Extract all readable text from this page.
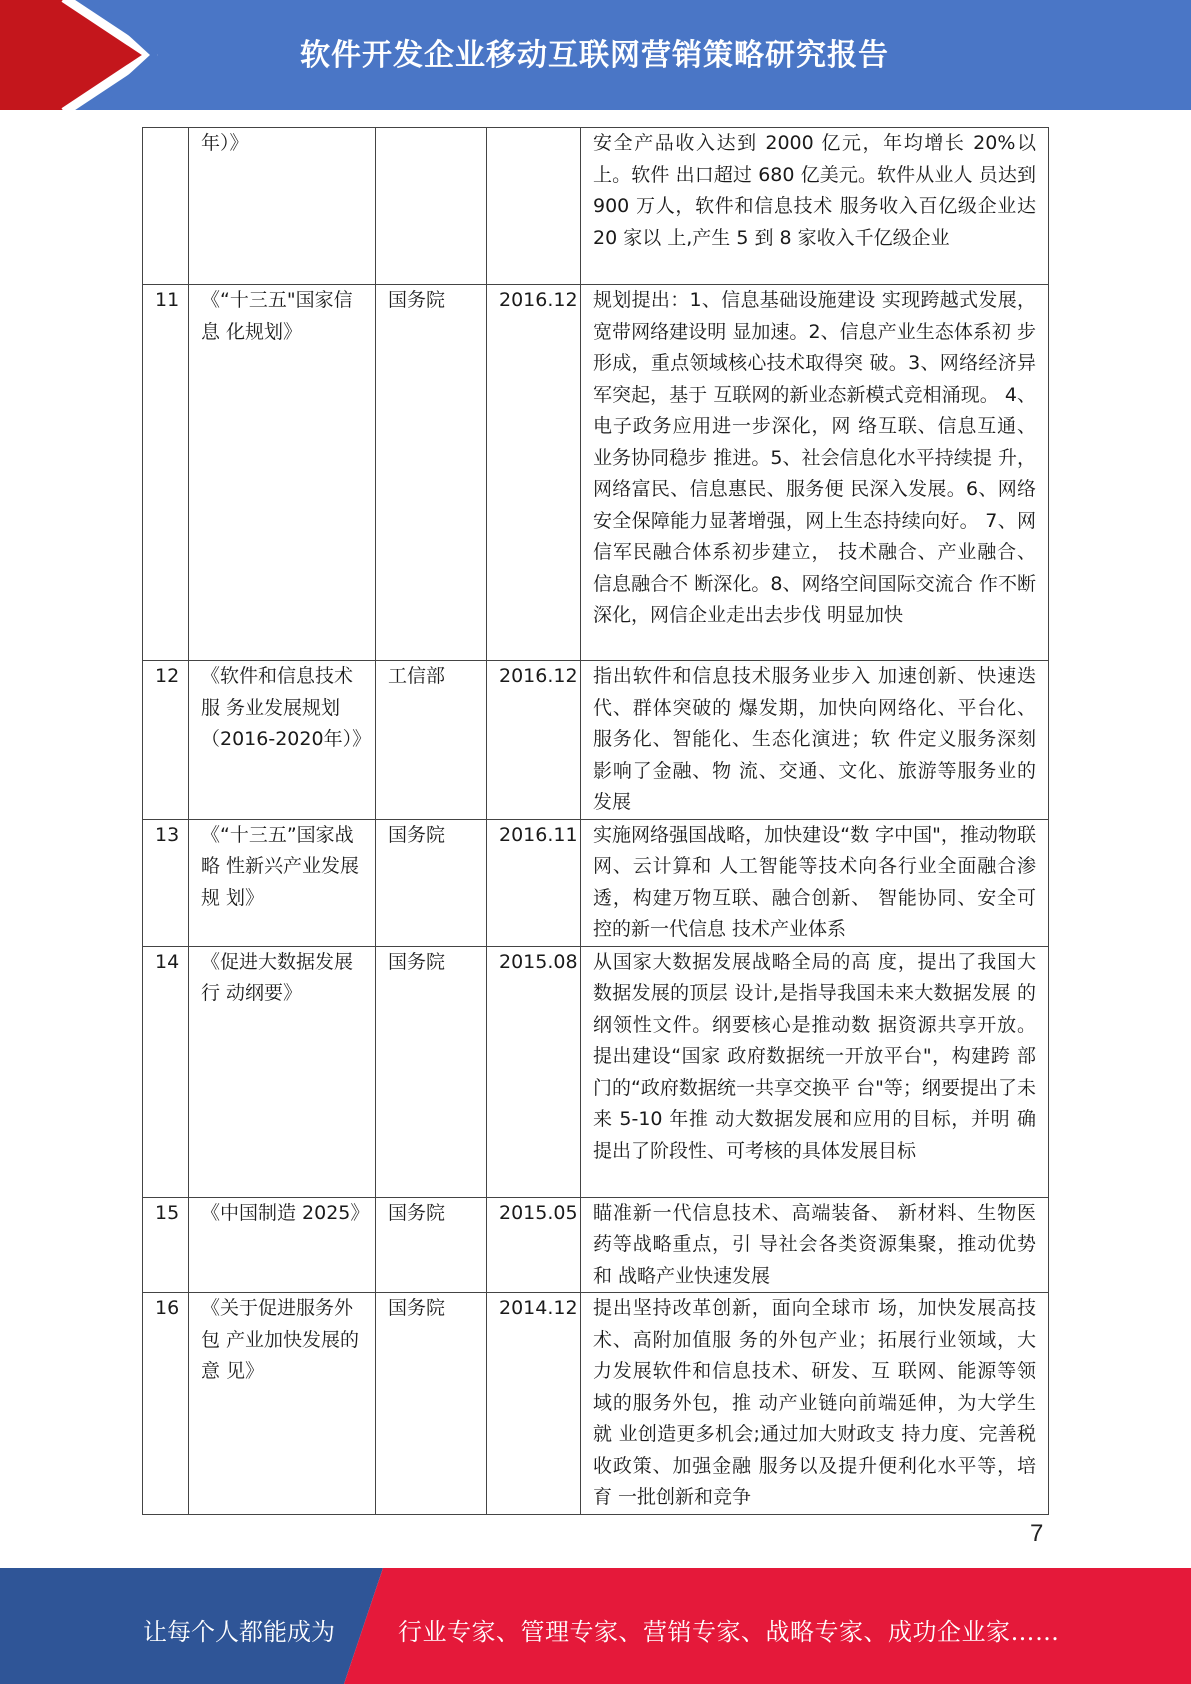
软件开发企业移动互联网营销策略研究报告
	年）》			安全产品收入达到 2000 亿元，年均增长 20%以上。软件 出口超过 680 亿美元。软件从业人 员达到 900 万人，软件和信息技术 服务收入百亿级企业达 20 家以 上,产生 5 到 8 家收入千亿级企业
11	《“十三五"国家信息 化规划》	国务院	2016.12	规划提出：1、信息基础设施建设 实现跨越式发展，宽带网络建设明 显加速。2、信息产业生态体系初 步形成，重点领域核心技术取得突 破。3、网络经济异军突起，基于 互联网的新业态新模式竞相涌现。 4、电子政务应用进一步深化，网 络互联、信息互通、业务协同稳步 推进。5、社会信息化水平持续提 升，网络富民、信息惠民、服务便 民深入发展。6、网络安全保障能力显著增强，网上生态持续向好。 7、网信军民融合体系初步建立， 技术融合、产业融合、信息融合不 断深化。8、网络空间国际交流合 作不断深化，网信企业走出去步伐 明显加快
12	《软件和信息技术服 务业发展规划（2016-2020年）》	工信部	2016.12	指出软件和信息技术服务业步入 加速创新、快速迭代、群体突破的 爆发期，加快向网络化、平台化、 服务化、智能化、生态化演进；软 件定义服务深刻影响了金融、物 流、交通、文化、旅游等服务业的 发展
13	《“十三五”国家战略 性新兴产业发展规 划》	国务院	2016.11	实施网络强国战略，加快建设“数 字中国"，推动物联网、云计算和 人工智能等技术向各行业全面融合渗透，构建万物互联、融合创新、 智能协同、安全可控的新一代信息 技术产业体系
14	《促进大数据发展行 动纲要》	国务院	2015.08	从国家大数据发展战略全局的高 度，提出了我国大数据发展的顶层 设计,是指导我国未来大数据发展 的纲领性文件。纲要核心是推动数 据资源共享开放。提出建设“国家 政府数据统一开放平台"，构建跨 部门的“政府数据统一共享交换平 台"等；纲要提出了未来 5-10 年推 动大数据发展和应用的目标，并明 确提出了阶段性、可考核的具体发展目标
15	《中国制造 2025》	国务院	2015.05	瞄准新一代信息技术、高端装备、 新材料、生物医药等战略重点，引 导社会各类资源集聚，推动优势和 战略产业快速发展
16	《关于促进服务外包 产业加快发展的意 见》	国务院	2014.12	提出坚持改革创新，面向全球市 场，加快发展高技术、高附加值服 务的外包产业；拓展行业领域，大 力发展软件和信息技术、研发、互 联网、能源等领域的服务外包，推 动产业链向前端延伸，为大学生就 业创造更多机会;通过加大财政支 持力度、完善税收政策、加强金融 服务以及提升便利化水平等，培育 一批创新和竞争
7
让每个人都能成为	行业专家、管理专家、营销专家、战略专家、成功企业家……
